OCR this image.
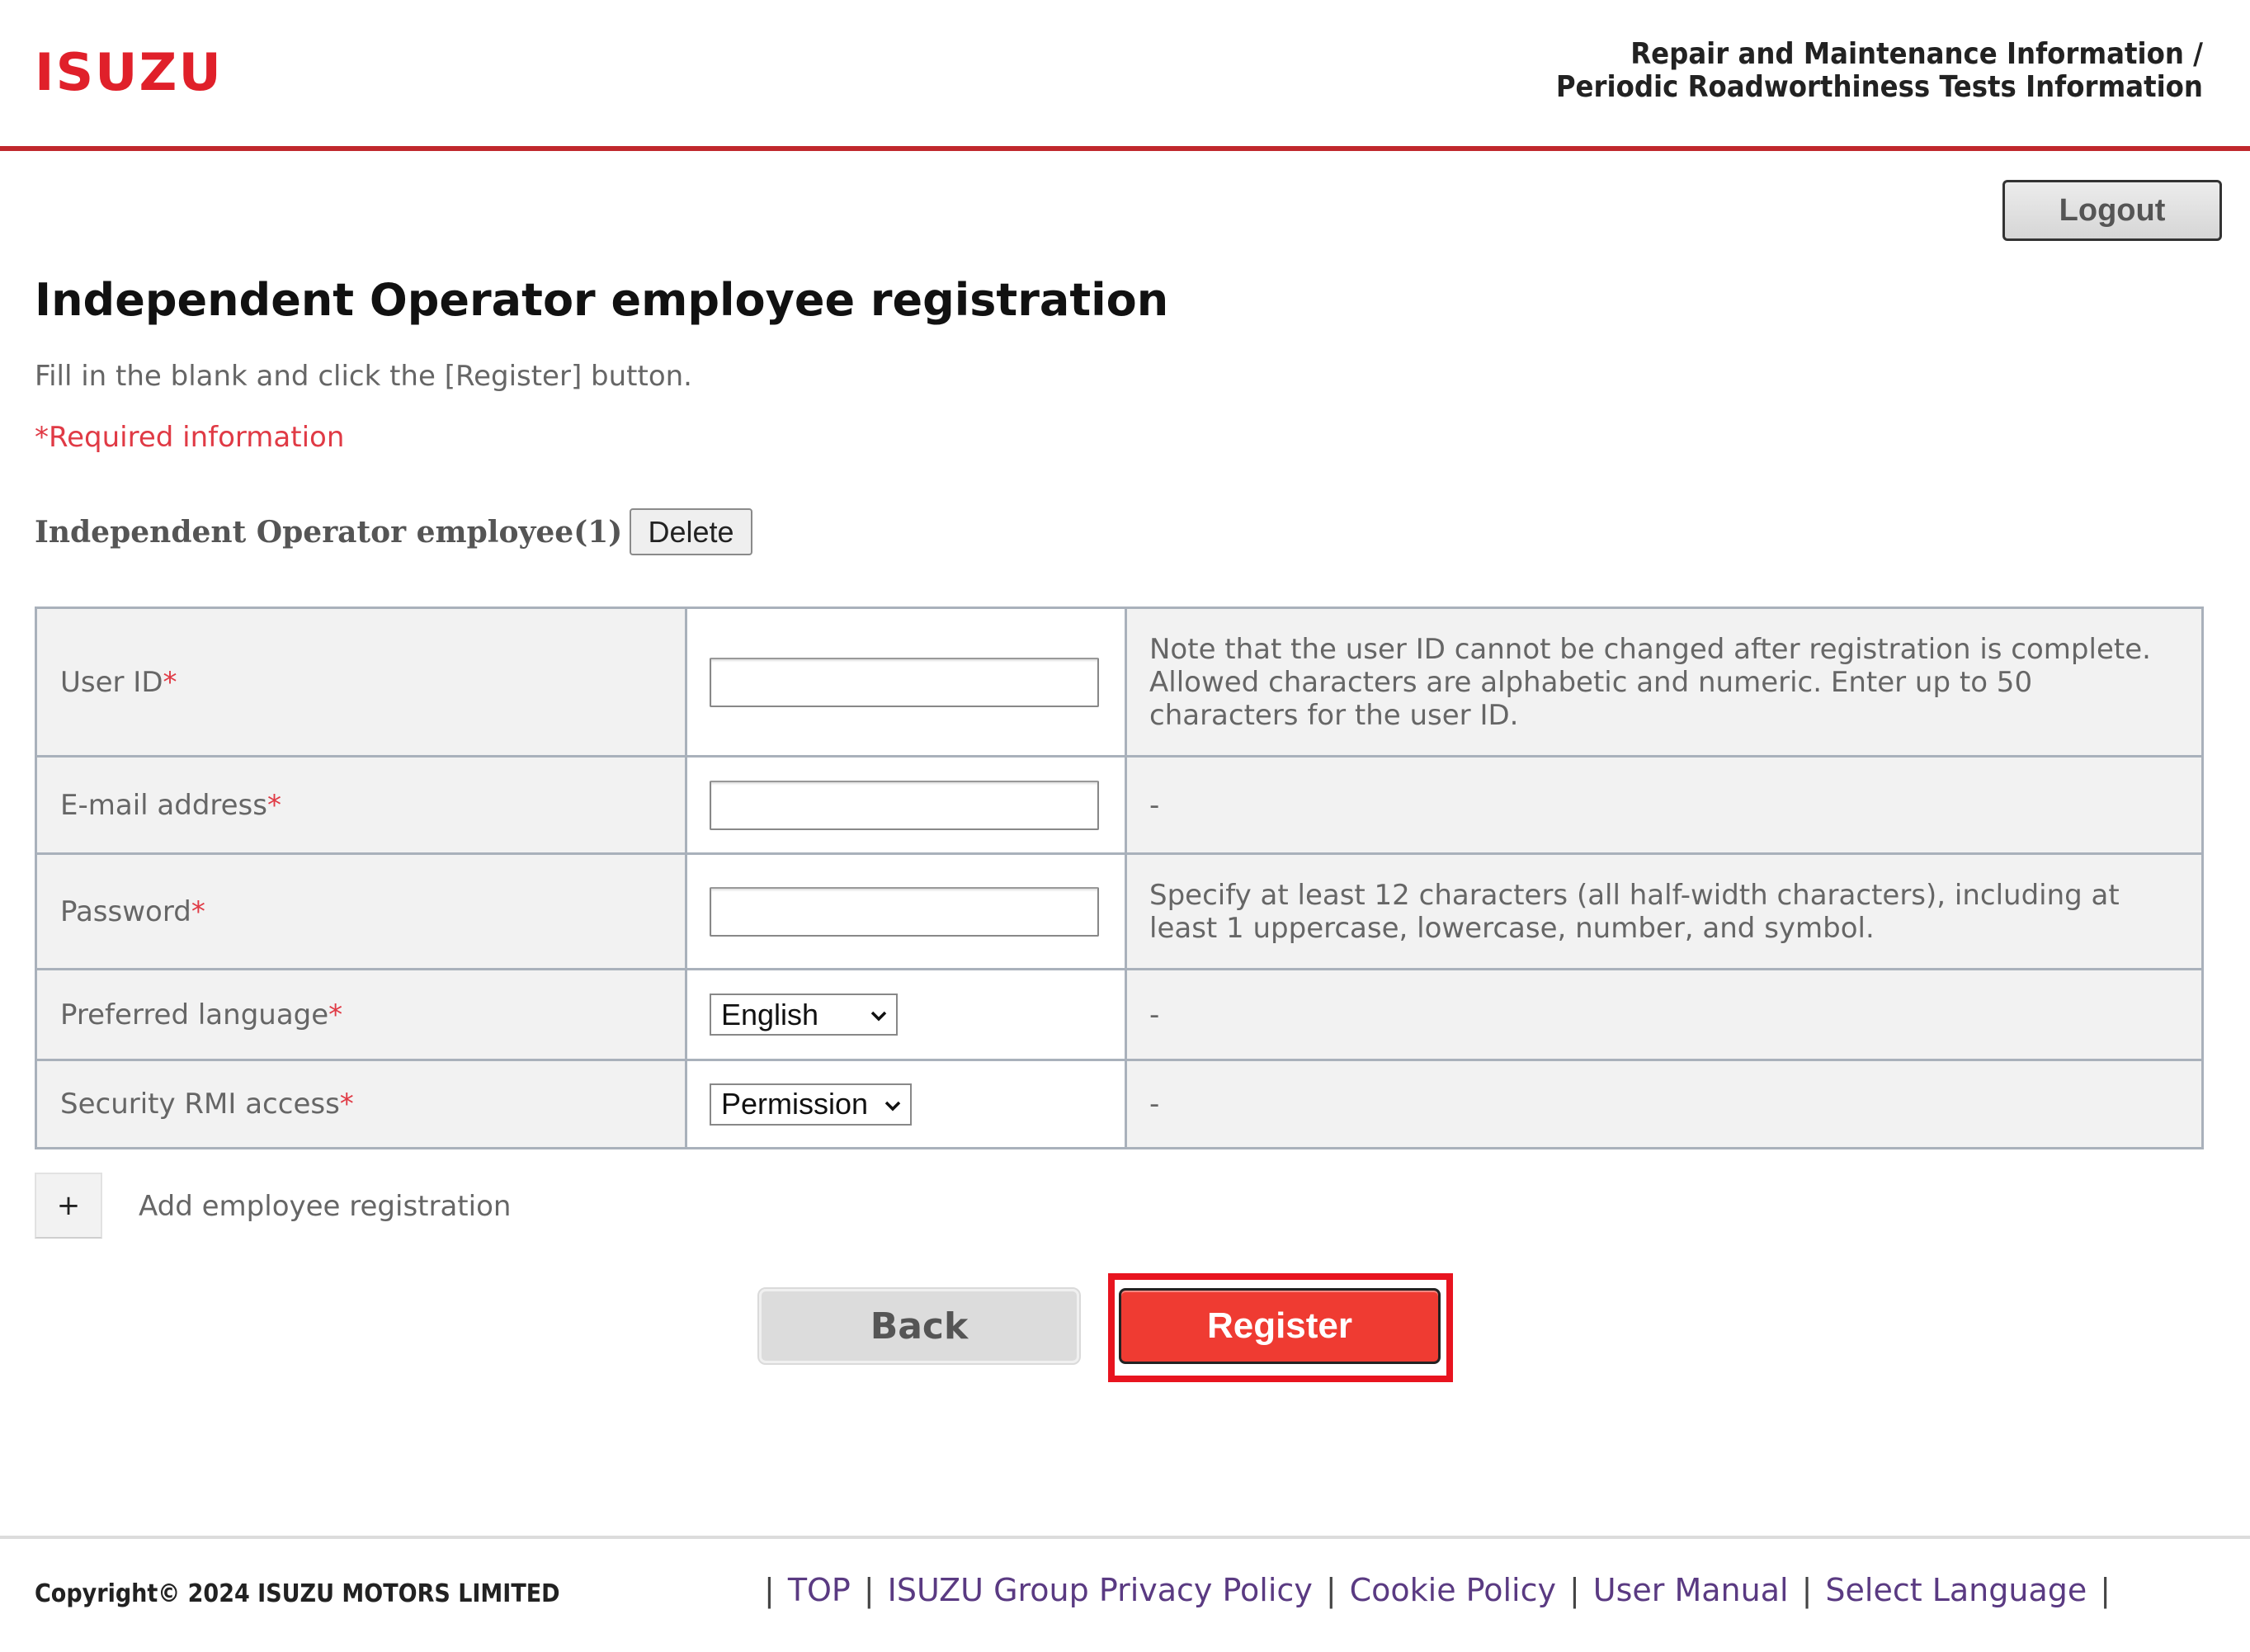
ISUZU	Repair and Maintenance Information /
Periodic Roadworthiness Tests Information
Logout
Independent Operator employee registration

Fill in the blank and click the [Register] button.

*Required information

Independent Operator employee(1) Delete
User ID*		Note that the user ID cannot be changed after registration is complete. Allowed characters are alphabetic and numeric. Enter up to 50 characters for the user ID.
E-mail address*		-
Password*		Specify at least 12 characters (all half-width characters), including at least 1 uppercase, lowercase, number, and symbol.
Preferred language*	English	-
Security RMI access*	Permission	-
+	Add employee registration
Back	Register
Copyright© 2024 ISUZU MOTORS LIMITED	| TOP | ISUZU Group Privacy Policy | Cookie Policy | User Manual | Select Language |
